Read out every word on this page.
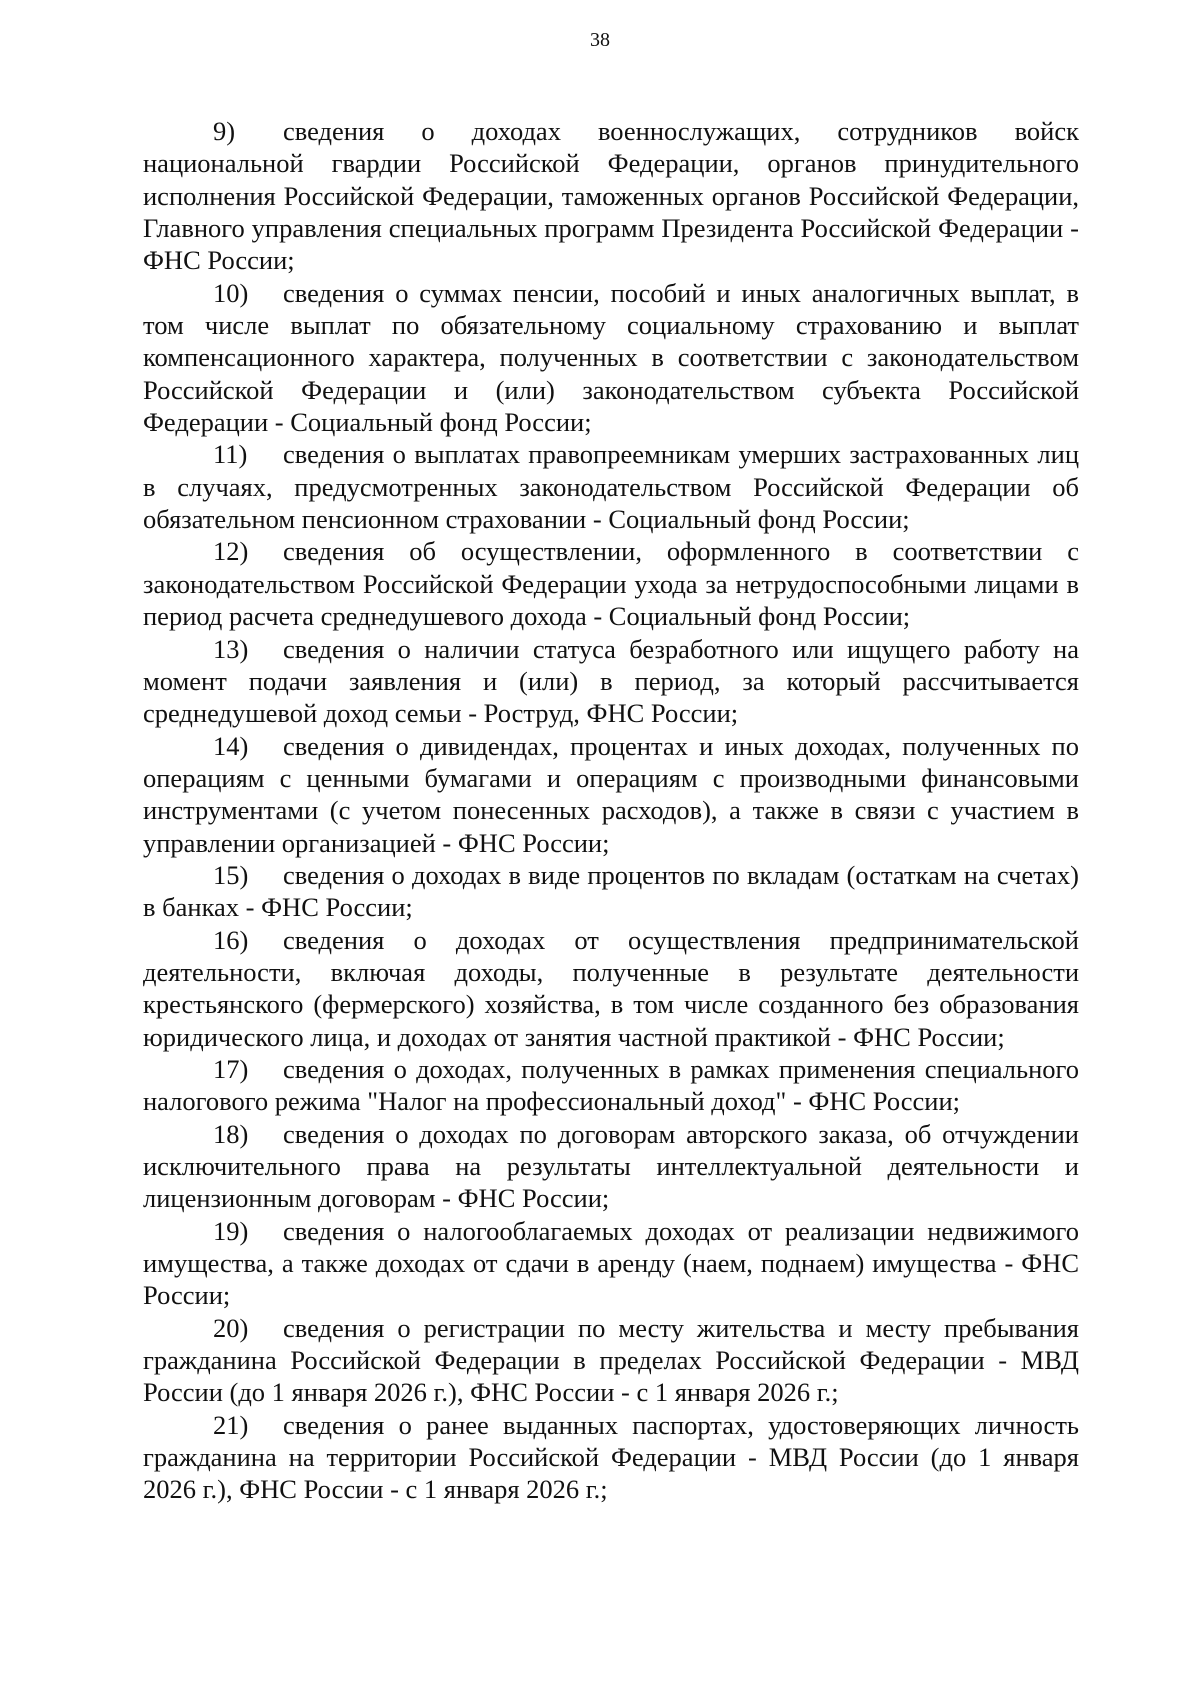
38

9) сведения о доходах военнослужащих, сотрудников войск национальной гвардии Российской Федерации, органов принудительного исполнения Российской Федерации, таможенных органов Российской Федерации, Главного управления специальных программ Президента Российской Федерации - ФНС России;

10) сведения о суммах пенсии, пособий и иных аналогичных выплат, в том числе выплат по обязательному социальному страхованию и выплат компенсационного характера, полученных в соответствии с законодательством Российской Федерации и (или) законодательством субъекта Российской Федерации - Социальный фонд России;

11) сведения о выплатах правопреемникам умерших застрахованных лиц в случаях, предусмотренных законодательством Российской Федерации об обязательном пенсионном страховании - Социальный фонд России;

12) сведения об осуществлении, оформленного в соответствии с законодательством Российской Федерации ухода за нетрудоспособными лицами в период расчета среднедушевого дохода - Социальный фонд России;

13) сведения о наличии статуса безработного или ищущего работу на момент подачи заявления и (или) в период, за который рассчитывается среднедушевой доход семьи - Роструд, ФНС России;

14) сведения о дивидендах, процентах и иных доходах, полученных по операциям с ценными бумагами и операциям с производными финансовыми инструментами (с учетом понесенных расходов), а также в связи с участием в управлении организацией - ФНС России;

15) сведения о доходах в виде процентов по вкладам (остаткам на счетах) в банках - ФНС России;

16) сведения о доходах от осуществления предпринимательской деятельности, включая доходы, полученные в результате деятельности крестьянского (фермерского) хозяйства, в том числе созданного без образования юридического лица, и доходах от занятия частной практикой - ФНС России;

17) сведения о доходах, полученных в рамках применения специального налогового режима "Налог на профессиональный доход" - ФНС России;

18) сведения о доходах по договорам авторского заказа, об отчуждении исключительного права на результаты интеллектуальной деятельности и лицензионным договорам - ФНС России;

19) сведения о налогооблагаемых доходах от реализации недвижимого имущества, а также доходах от сдачи в аренду (наем, поднаем) имущества - ФНС России;

20) сведения о регистрации по месту жительства и месту пребывания гражданина Российской Федерации в пределах Российской Федерации - МВД России (до 1 января 2026 г.), ФНС России - с 1 января 2026 г.;

21) сведения о ранее выданных паспортах, удостоверяющих личность гражданина на территории Российской Федерации - МВД России (до 1 января 2026 г.), ФНС России - с 1 января 2026 г.;
